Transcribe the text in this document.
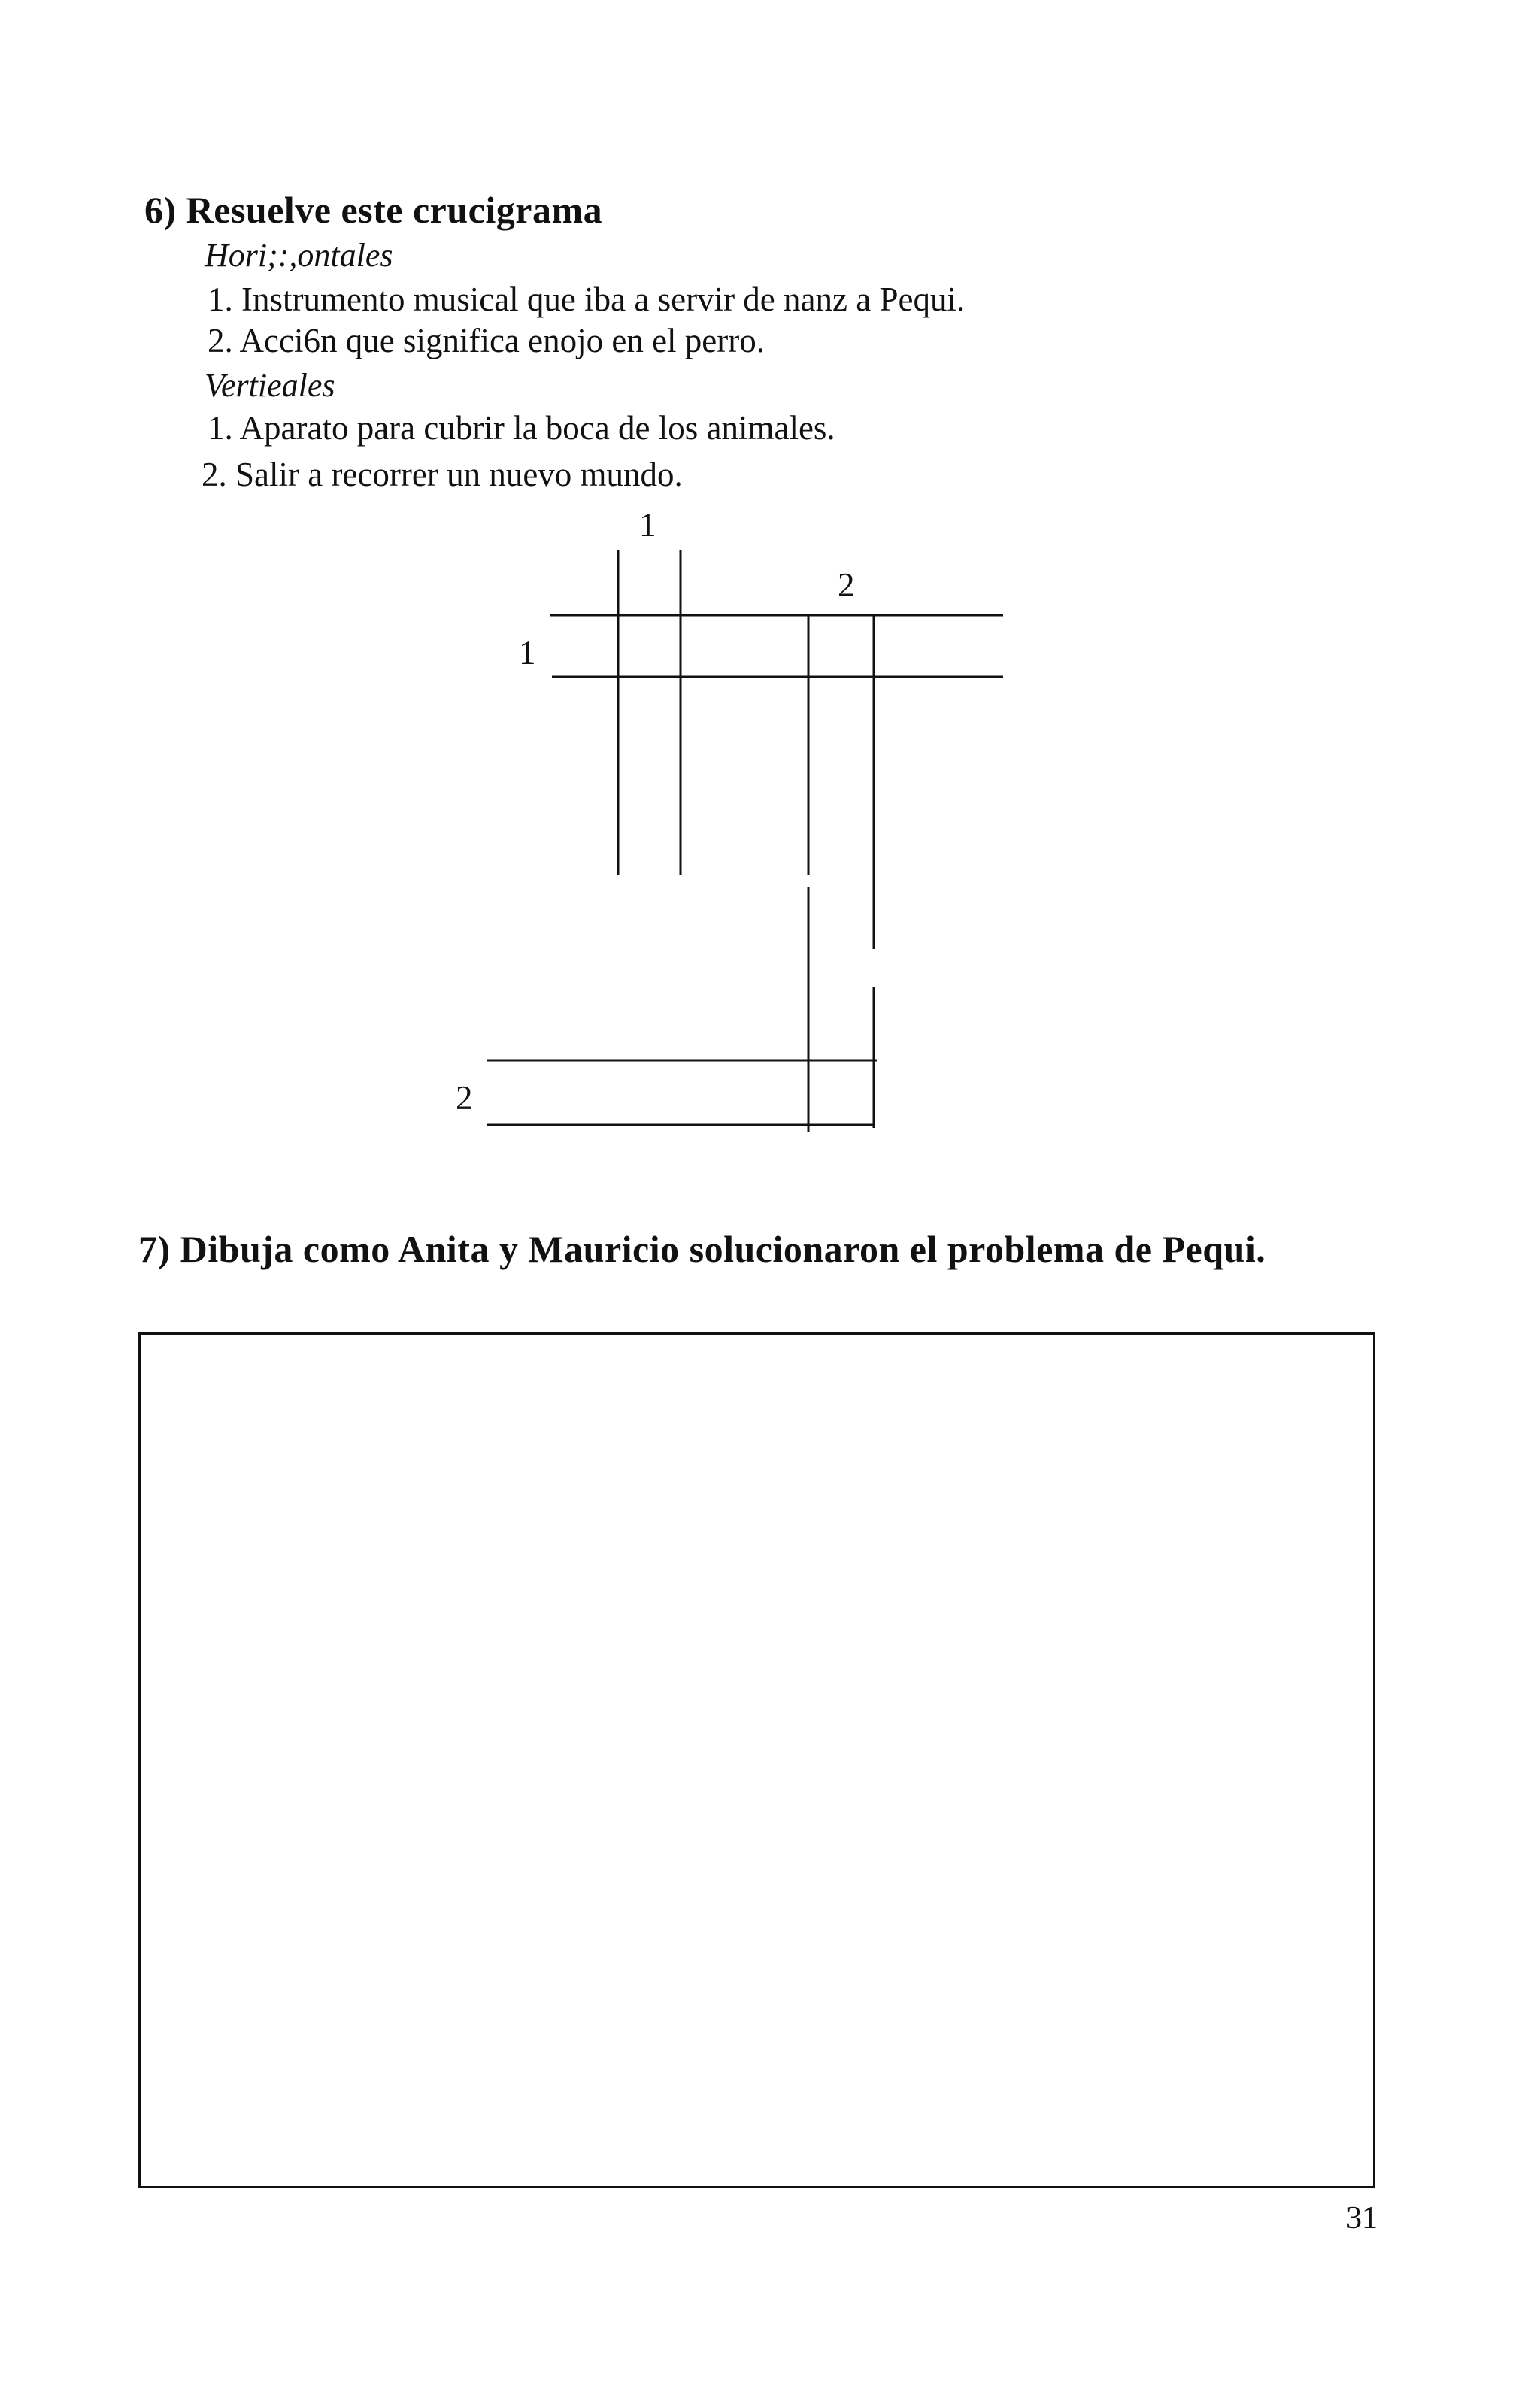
6) Resuelve este crucigrama
Hori;:,ontales
1. Instrumento musical que iba a servir de nanz a Pequi.
2. Acci6n que significa enojo en el perro.
Vertieales
1. Aparato para cubrir la boca de los animales.
2. Salir a recorrer un nuevo mundo.
1
2
1
2
7) Dibuja como Anita y Mauricio solucionaron el problema de Pequi.
31
